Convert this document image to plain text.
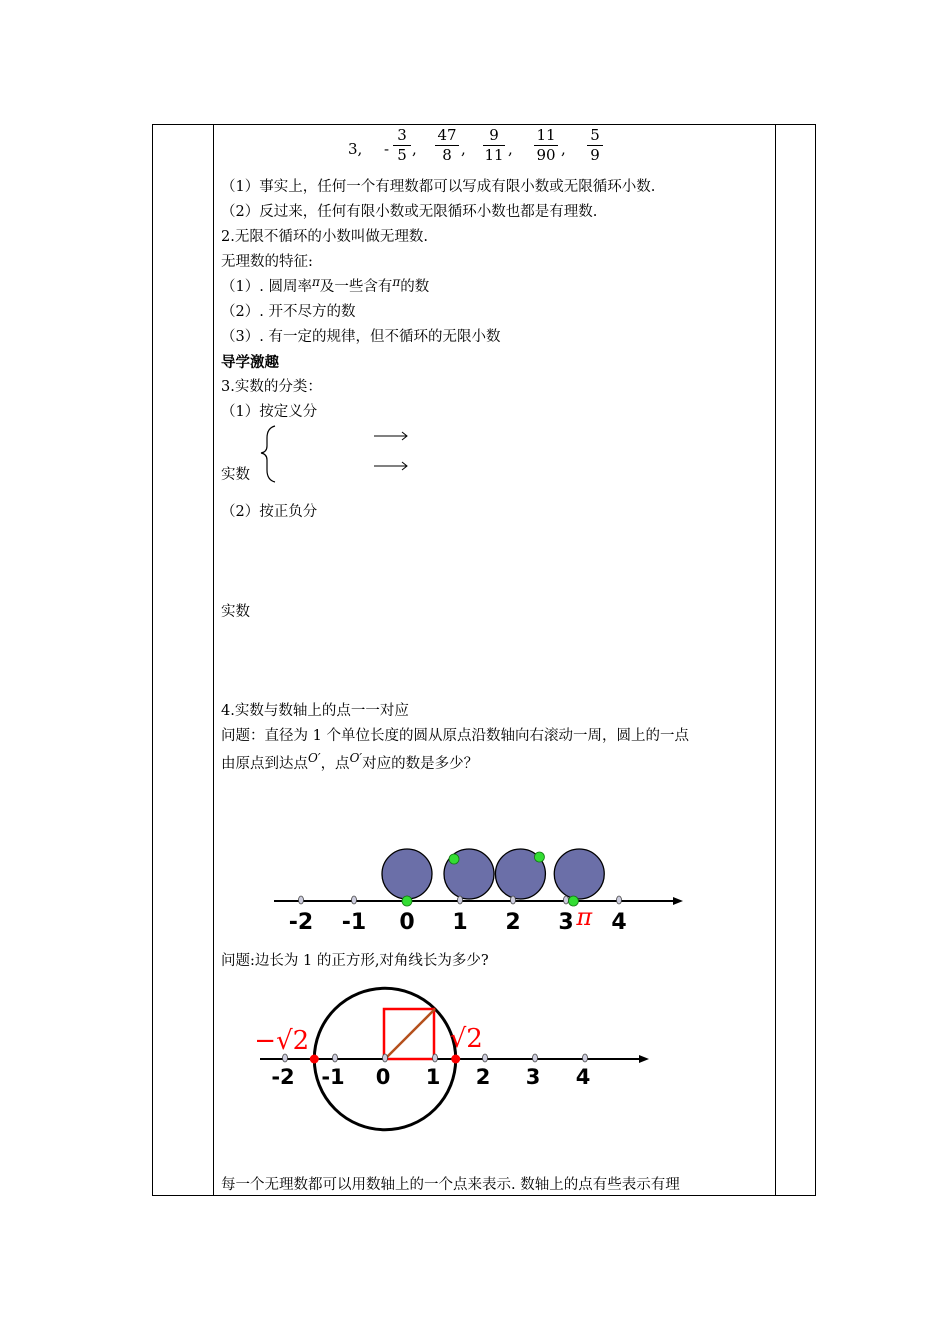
3, - $\frac{3}{5}$ , $\frac{47}{8}$ , $\frac{9}{11}$ , $\frac{11}{90}$ , $\frac{5}{9}$
（1）事实上，任何一个有理数都可以写成有限小数或无限循环小数.
（2）反过来，任何有限小数或无限循环小数也都是有理数.
2.无限不循环的小数叫做无理数.
无理数的特征:
（1）. 圆周率$^\pi$及一些含有$^\pi$的数
（2）. 开不尽方的数
（3）. 有一定的规律，但不循环的无限小数
导学激趣
3.实数的分类：
（1）按定义分
实数
（2）按正负分
实数
4.实数与数轴上的点一一对应
问题：直径为 1 个单位长度的圆从原点沿数轴向右滚动一周，圆上的一点
由原点到达点$^{O'}$，点$^{O'}$对应的数是多少？
-2 -1 0 1 2 3 4
π
问题:边长为 1 的正方形,对角线长为多少?
-2 -1 0 1 2 3 4
−√2	√2
每一个无理数都可以用数轴上的一个点来表示. 数轴上的点有些表示有理
